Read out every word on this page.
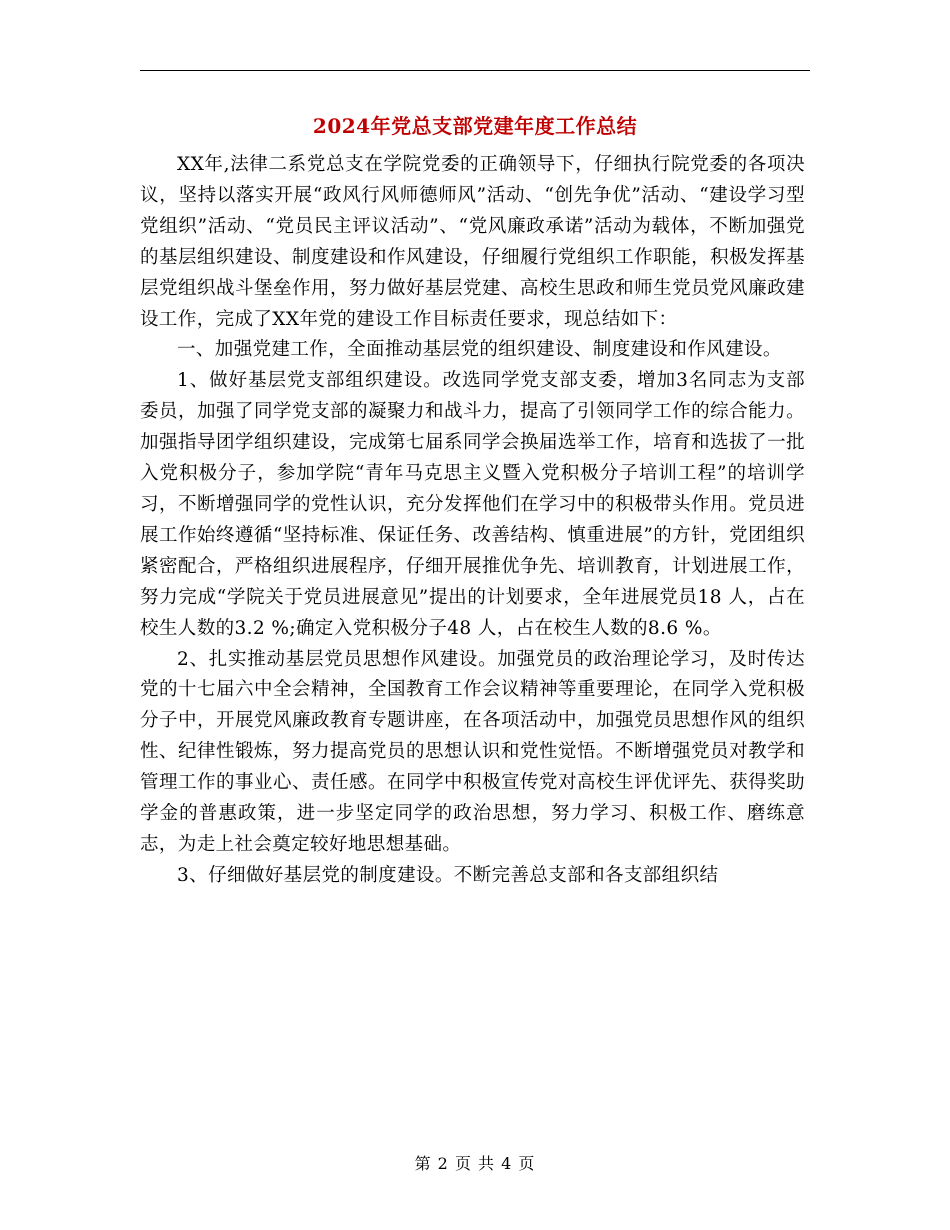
2024年党总支部党建年度工作总结

XX年,法律二系党总支在学院党委的正确领导下，仔细执行院党委的各项决议，坚持以落实开展“政风行风师德师风”活动、“创先争优”活动、“建设学习型党组织”活动、“党员民主评议活动”、“党风廉政承诺”活动为载体，不断加强党的基层组织建设、制度建设和作风建设，仔细履行党组织工作职能，积极发挥基层党组织战斗堡垒作用，努力做好基层党建、高校生思政和师生党员党风廉政建设工作，完成了XX年党的建设工作目标责任要求，现总结如下：

一、加强党建工作，全面推动基层党的组织建设、制度建设和作风建设。

1、做好基层党支部组织建设。改选同学党支部支委，增加3名同志为支部委员，加强了同学党支部的凝聚力和战斗力，提高了引领同学工作的综合能力。加强指导团学组织建设，完成第七届系同学会换届选举工作，培育和选拔了一批入党积极分子，参加学院“青年马克思主义暨入党积极分子培训工程”的培训学习，不断增强同学的党性认识，充分发挥他们在学习中的积极带头作用。党员进展工作始终遵循“坚持标准、保证任务、改善结构、慎重进展”的方针，党团组织紧密配合，严格组织进展程序，仔细开展推优争先、培训教育，计划进展工作，努力完成“学院关于党员进展意见”提出的计划要求，全年进展党员18 人，占在校生人数的3.2 %;确定入党积极分子48 人，占在校生人数的8.6 %。

2、扎实推动基层党员思想作风建设。加强党员的政治理论学习，及时传达党的十七届六中全会精神，全国教育工作会议精神等重要理论，在同学入党积极分子中，开展党风廉政教育专题讲座，在各项活动中，加强党员思想作风的组织性、纪律性锻炼，努力提高党员的思想认识和党性觉悟。不断增强党员对教学和管理工作的事业心、责任感。在同学中积极宣传党对高校生评优评先、获得奖助学金的普惠政策，进一步坚定同学的政治思想，努力学习、积极工作、磨练意志，为走上社会奠定较好地思想基础。

3、仔细做好基层党的制度建设。不断完善总支部和各支部组织结

第 2 页 共 4 页
